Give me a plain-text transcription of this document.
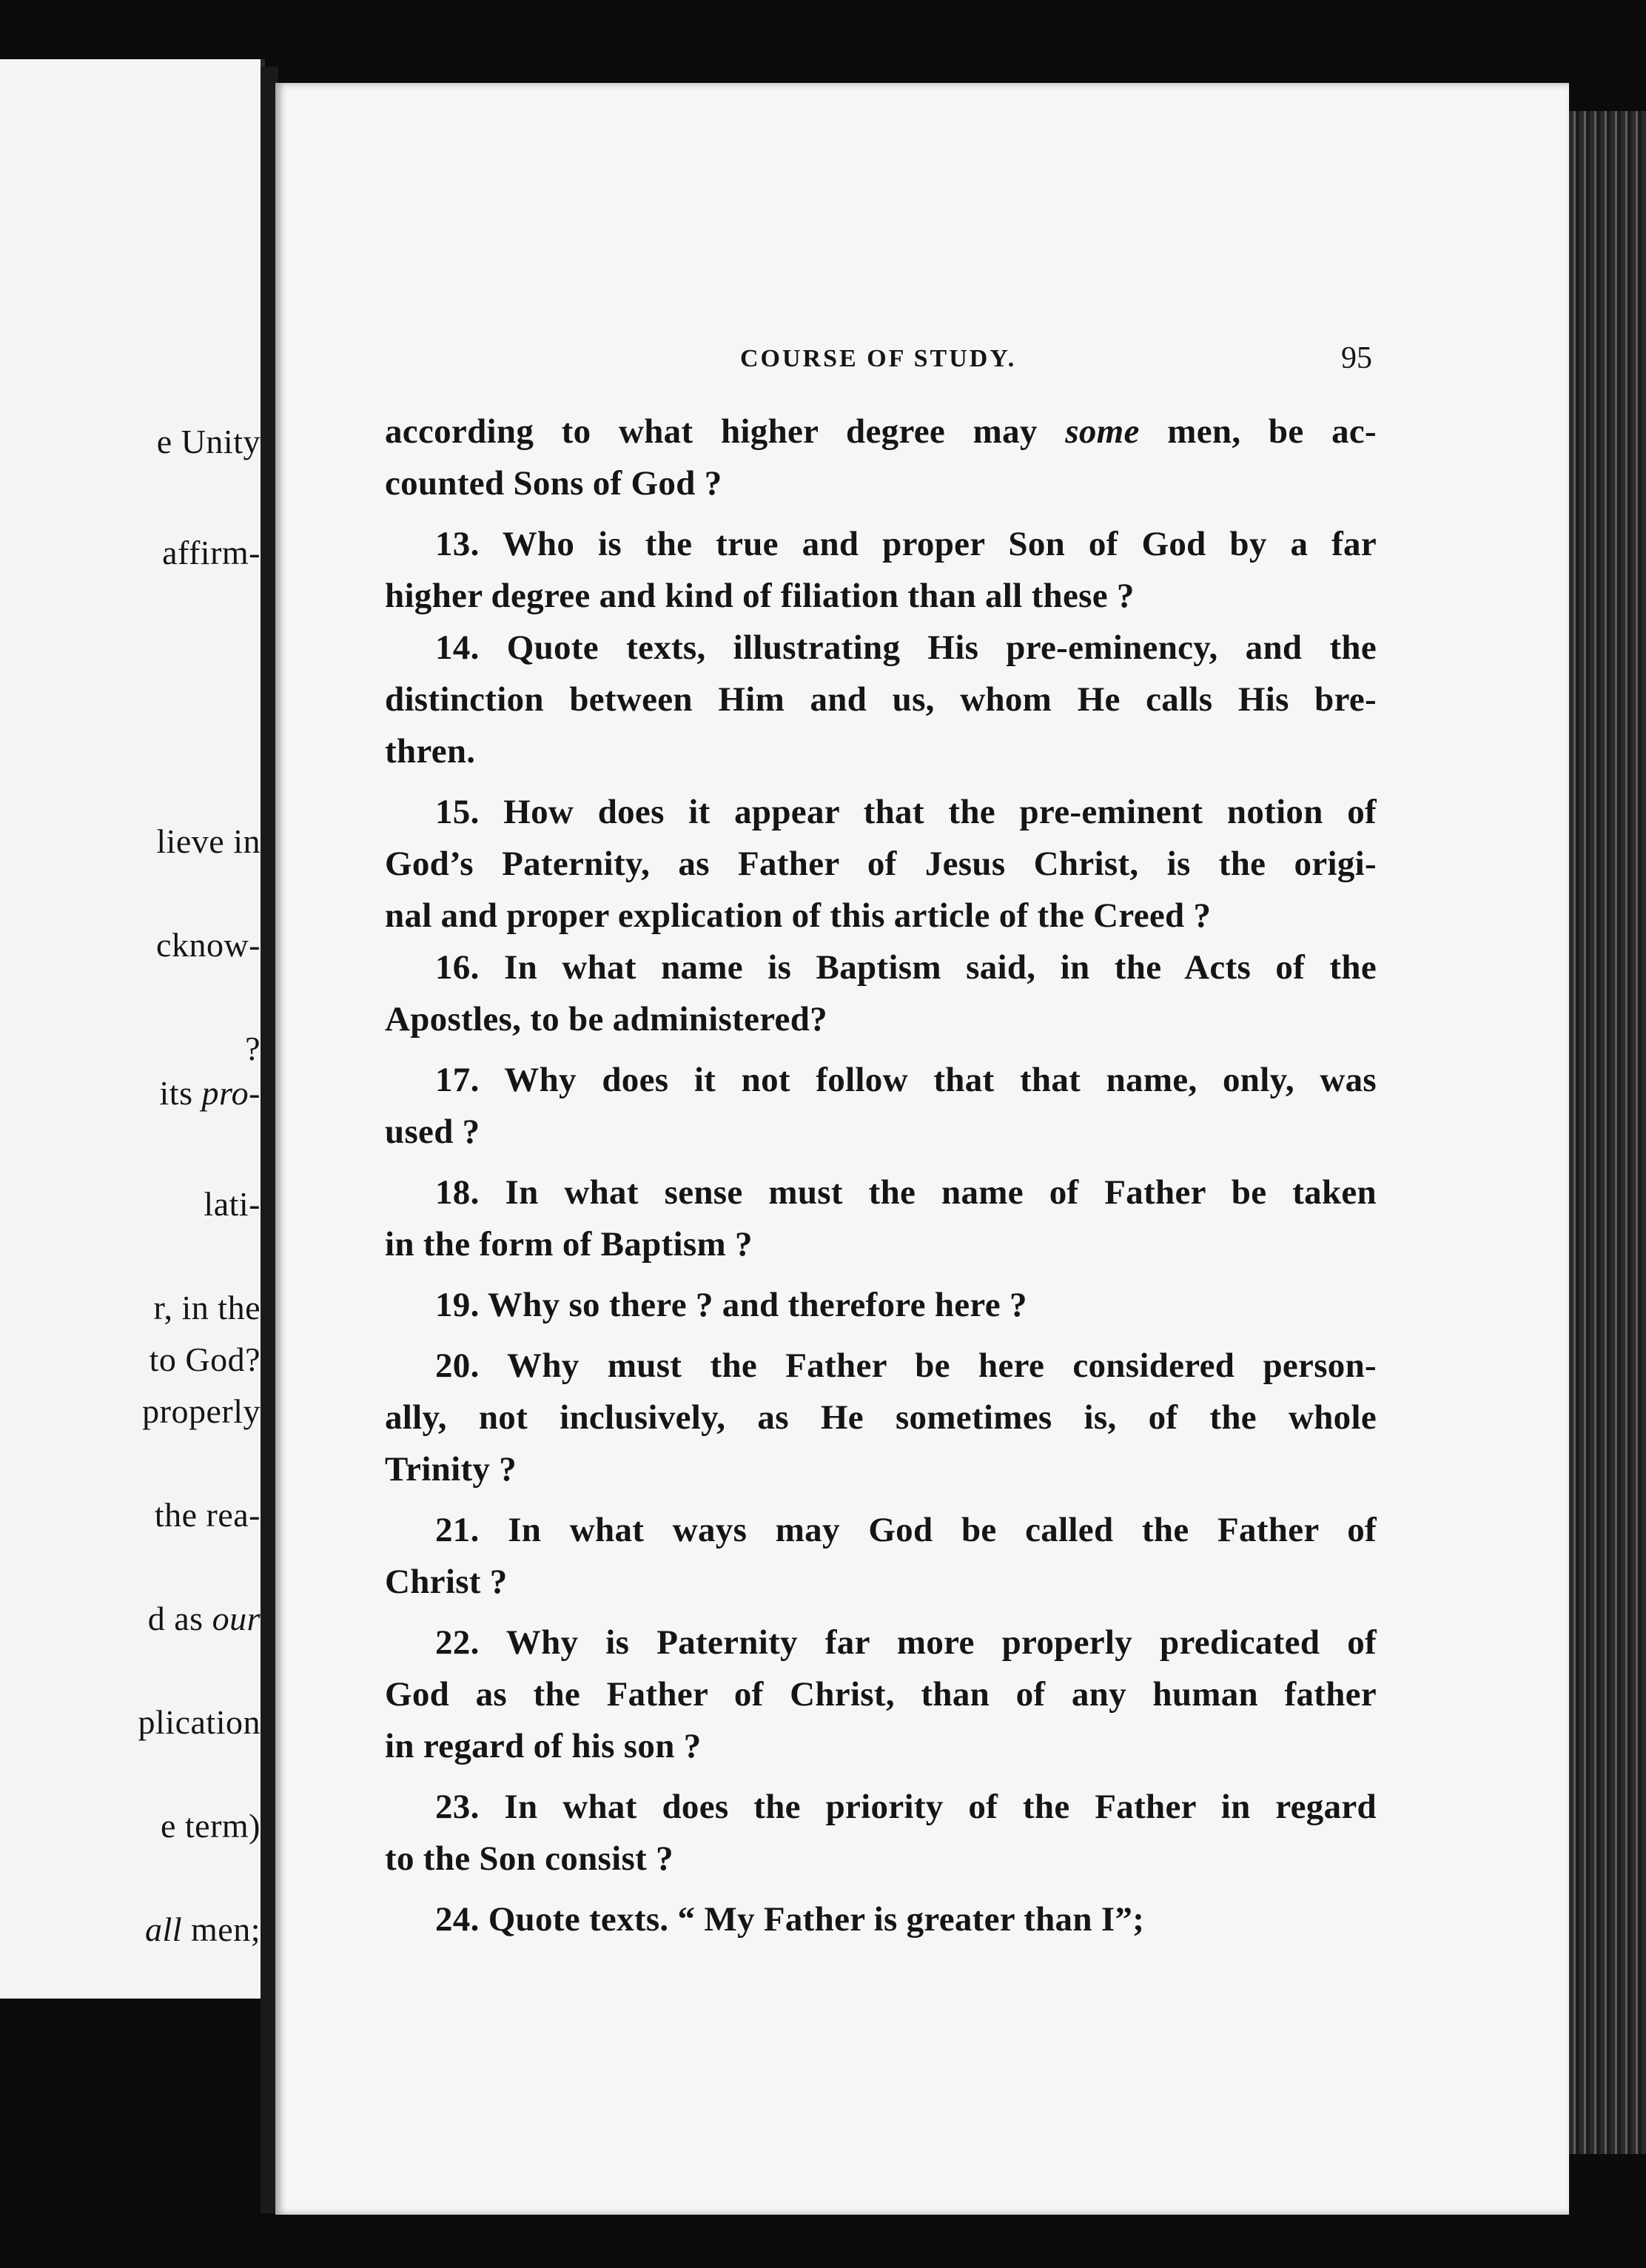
e Unity
affirm-
lieve in
cknow-
?
its pro-
lati-
r, in the
to God?
properly
the rea-
d as our
plication
e term)
all men;
COURSE OF STUDY.	95
according to what higher degree may some men, be ac-
counted Sons of God ?
13. Who is the true and proper Son of God by a far
higher degree and kind of filiation than all these ?
14. Quote texts, illustrating His pre-eminency, and the
distinction between Him and us, whom He calls His bre-
thren.
15. How does it appear that the pre-eminent notion of
God’s Paternity, as Father of Jesus Christ, is the origi-
nal and proper explication of this article of the Creed ?
16. In what name is Baptism said, in the Acts of the
Apostles, to be administered?
17. Why does it not follow that that name, only, was
used ?
18. In what sense must the name of Father be taken
in the form of Baptism ?
19. Why so there ? and therefore here ?
20. Why must the Father be here considered person-
ally, not inclusively, as He sometimes is, of the whole
Trinity ?
21. In what ways may God be called the Father of
Christ ?
22. Why is Paternity far more properly predicated of
God as the Father of Christ, than of any human father
in regard of his son ?
23. In what does the priority of the Father in regard
to the Son consist ?
24. Quote texts. “ My Father is greater than I”;
